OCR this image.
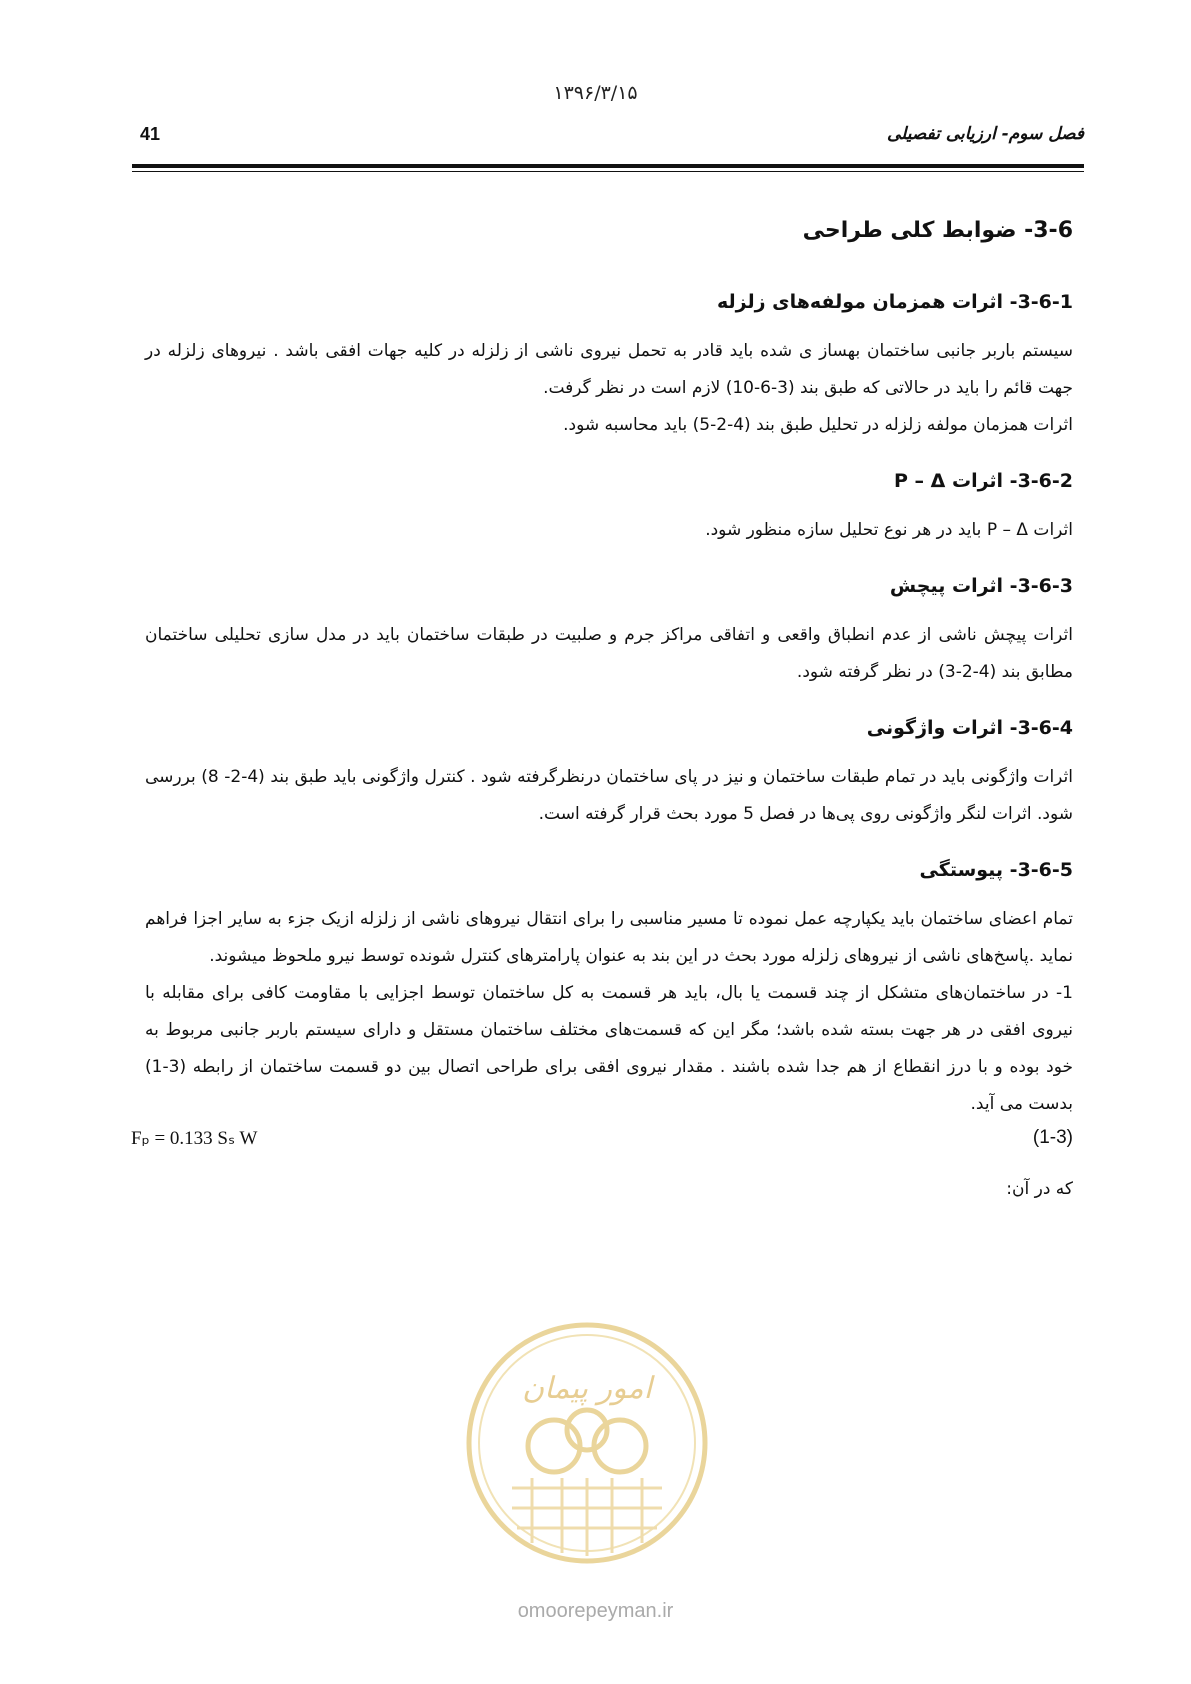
۱۳۹۶/۳/۱۵
41	فصل سوم- ارزیابی تفصیلی
3-6- ضوابط کلی طراحی
3-6-1- اثرات همزمان مولفه‌های زلزله

سیستم باربر جانبی ساختمان بهساز ی شده باید قادر به تحمل نیروی ناشی از زلزله در کلیه جهات افقی باشد . نیروهای زلزله در جهت قائم را باید در حالاتی که طبق بند (3-6-10) لازم است در نظر گرفت.

اثرات همزمان مولفه زلزله در تحلیل طبق بند (4-2-5) باید محاسبه شود.

3-6-2- اثرات P – Δ

اثرات P – Δ باید در هر نوع تحلیل سازه منظور شود.

3-6-3- اثرات پیچش

اثرات پیچش ناشی از عدم انطباق واقعی و اتفاقی مراکز جرم و صلبیت در طبقات ساختمان باید در مدل سازی تحلیلی ساختمان مطابق بند (4-2-3) در نظر گرفته شود.

3-6-4- اثرات واژگونی

اثرات واژگونی باید در تمام طبقات ساختمان و نیز در پای ساختمان درنظرگرفته شود . کنترل واژگونی باید طبق بند (4-2- 8) بررسی شود. اثرات لنگر واژگونی روی پی‌ها در فصل 5 مورد بحث قرار گرفته است.

3-6-5- پیوستگی

تمام اعضای ساختمان باید یکپارچه عمل نموده تا مسیر مناسبی را برای انتقال نیروهای ناشی از زلزله ازیک جزء به سایر اجزا فراهم نماید .پاسخ‌های ناشی از نیروهای زلزله مورد بحث در این بند به عنوان پارامترهای کنترل شونده توسط نیرو ملحوظ میشوند.

1- در ساختمان‌های متشکل از چند قسمت یا بال، باید هر قسمت به کل ساختمان توسط اجزایی با مقاومت کافی برای مقابله با نیروی افقی در هر جهت بسته شده باشد؛ مگر این که قسمت‌های مختلف ساختمان مستقل و دارای سیستم باربر جانبی مربوط به خود بوده و با درز انقطاع از هم جدا شده باشند . مقدار نیروی افقی برای طراحی اتصال بین دو قسمت ساختمان از رابطه (3-1) بدست می آید.

Fₚ = 0.133 Sₛ W	(1-3)
که در آن:
امور پیمان
omoorepeyman.ir
